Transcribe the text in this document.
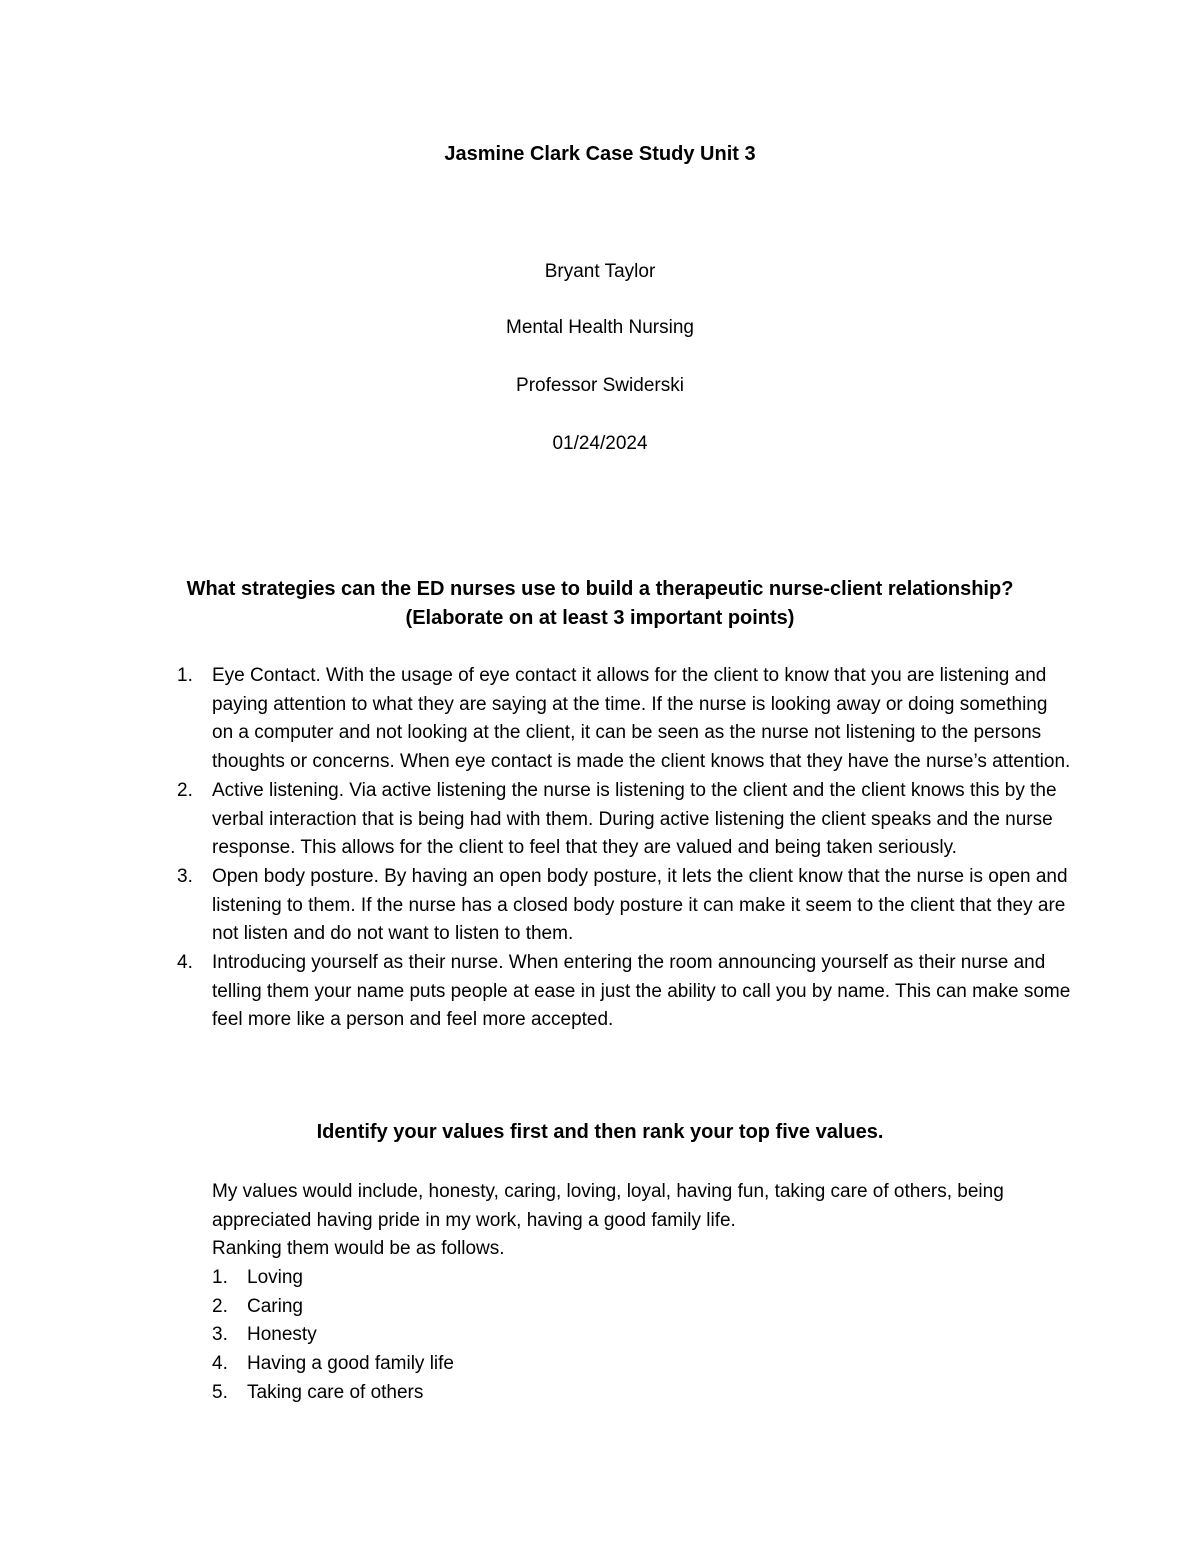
Jasmine Clark Case Study Unit 3

Bryant Taylor

Mental Health Nursing

Professor Swiderski

01/24/2024

What strategies can the ED nurses use to build a therapeutic nurse-client relationship?
(Elaborate on at least 3 important points)

1. Eye Contact. With the usage of eye contact it allows for the client to know that you are listening and paying attention to what they are saying at the time. If the nurse is looking away or doing something on a computer and not looking at the client, it can be seen as the nurse not listening to the persons thoughts or concerns. When eye contact is made the client knows that they have the nurse’s attention.
2. Active listening. Via active listening the nurse is listening to the client and the client knows this by the verbal interaction that is being had with them. During active listening the client speaks and the nurse response. This allows for the client to feel that they are valued and being taken seriously.
3. Open body posture. By having an open body posture, it lets the client know that the nurse is open and listening to them. If the nurse has a closed body posture it can make it seem to the client that they are not listen and do not want to listen to them.
4. Introducing yourself as their nurse. When entering the room announcing yourself as their nurse and telling them your name puts people at ease in just the ability to call you by name. This can make some feel more like a person and feel more accepted.

Identify your values first and then rank your top five values.

My values would include, honesty, caring, loving, loyal, having fun, taking care of others, being appreciated having pride in my work, having a good family life.
Ranking them would be as follows.

1. Loving
2. Caring
3. Honesty
4. Having a good family life
5. Taking care of others
